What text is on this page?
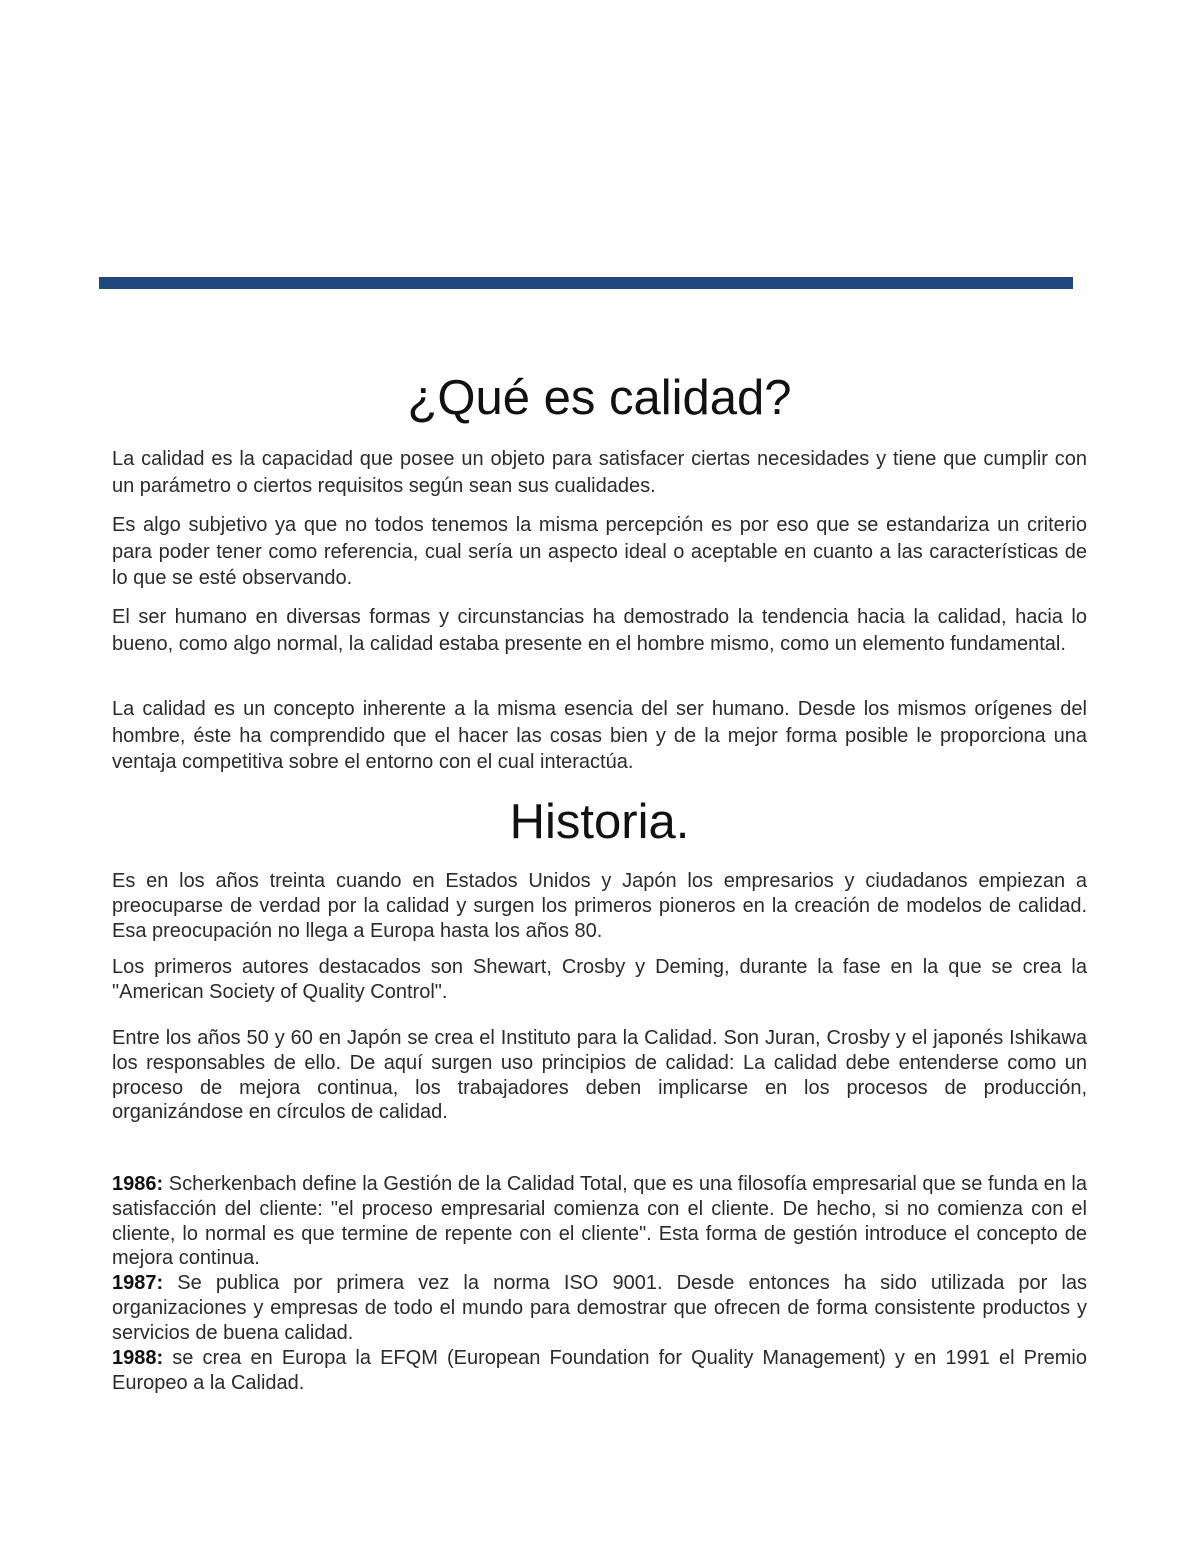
¿Qué es calidad?

La calidad es la capacidad que posee un objeto para satisfacer ciertas necesidades y tiene que cumplir con un parámetro o ciertos requisitos según sean sus cualidades.

Es algo subjetivo ya que no todos tenemos la misma percepción es por eso que se estandariza un criterio para poder tener como referencia, cual sería un aspecto ideal o aceptable en cuanto a las características de lo que se esté observando.

El ser humano en diversas formas y circunstancias ha demostrado la tendencia hacia la calidad, hacia lo bueno, como algo normal, la calidad estaba presente en el hombre mismo, como un elemento fundamental.

La calidad es un concepto inherente a la misma esencia del ser humano. Desde los mismos orígenes del hombre, éste ha comprendido que el hacer las cosas bien y de la mejor forma posible le proporciona una ventaja competitiva sobre el entorno con el cual interactúa.

Historia.

Es en los años treinta cuando en Estados Unidos y Japón los empresarios y ciudadanos empiezan a preocuparse de verdad por la calidad y surgen los primeros pioneros en la creación de modelos de calidad. Esa preocupación no llega a Europa hasta los años 80.

Los primeros autores destacados son Shewart, Crosby y Deming, durante la fase en la que se crea la "American Society of Quality Control".

Entre los años 50 y 60 en Japón se crea el Instituto para la Calidad. Son Juran, Crosby y el japonés Ishikawa los responsables de ello. De aquí surgen uso principios de calidad: La calidad debe entenderse como un proceso de mejora continua, los trabajadores deben implicarse en los procesos de producción, organizándose en círculos de calidad.

1986: Scherkenbach define la Gestión de la Calidad Total, que es una filosofía empresarial que se funda en la satisfacción del cliente: "el proceso empresarial comienza con el cliente. De hecho, si no comienza con el cliente, lo normal es que termine de repente con el cliente". Esta forma de gestión introduce el concepto de mejora continua.

1987: Se publica por primera vez la norma ISO 9001. Desde entonces ha sido utilizada por las organizaciones y empresas de todo el mundo para demostrar que ofrecen de forma consistente productos y servicios de buena calidad.

1988: se crea en Europa la EFQM (European Foundation for Quality Management) y en 1991 el Premio Europeo a la Calidad.
